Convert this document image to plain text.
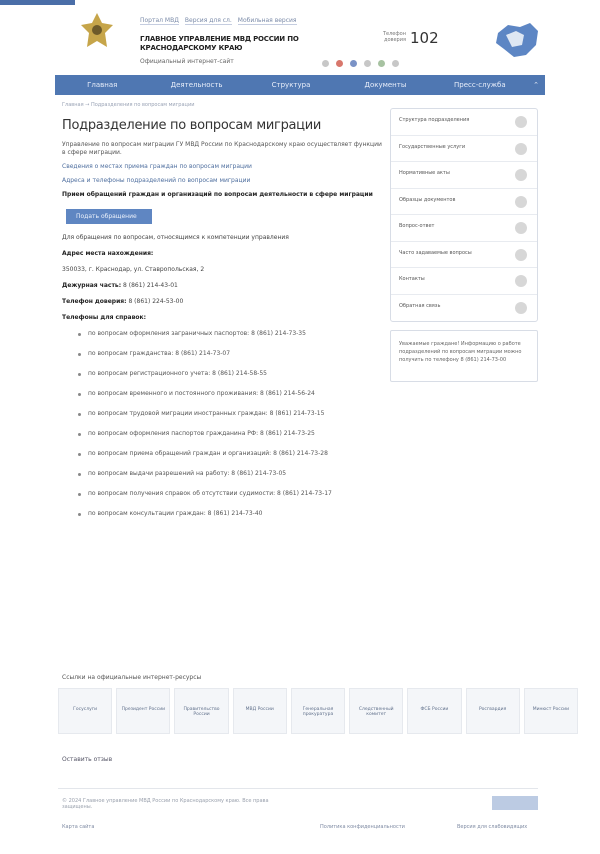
Портал МВД Версия для сл. Мобильная версия
ГЛАВНОЕ УПРАВЛЕНИЕ МВД РОССИИ ПО КРАСНОДАРСКОМУ КРАЮ
Официальный интернет-сайт
Телефон доверия 102
Главная	Деятельность	Структура	Документы	Пресс-служба	⌃
Главная → Подразделения по вопросам миграции
Подразделение по вопросам миграции
Управление по вопросам миграции ГУ МВД России по Краснодарскому краю осуществляет функции в сфере миграции.
Сведения о местах приема граждан по вопросам миграции
Адреса и телефоны подразделений по вопросам миграции
Прием обращений граждан и организаций по вопросам деятельности в сфере миграции
Подать обращение
Для обращения по вопросам, относящимся к компетенции управления
Адрес места нахождения:
350033, г. Краснодар, ул. Ставропольская, 2
Дежурная часть: 8 (861) 214-43-01
Телефон доверия: 8 (861) 224-53-00
Телефоны для справок:
по вопросам оформления заграничных паспортов: 8 (861) 214-73-35
по вопросам гражданства: 8 (861) 214-73-07
по вопросам регистрационного учета: 8 (861) 214-58-55
по вопросам временного и постоянного проживания: 8 (861) 214-56-24
по вопросам трудовой миграции иностранных граждан: 8 (861) 214-73-15
по вопросам оформления паспортов гражданина РФ: 8 (861) 214-73-25
по вопросам приема обращений граждан и организаций: 8 (861) 214-73-28
по вопросам выдачи разрешений на работу: 8 (861) 214-73-05
по вопросам получения справок об отсутствии судимости: 8 (861) 214-73-17
по вопросам консультации граждан: 8 (861) 214-73-40
Структура подразделения
Государственные услуги
Нормативные акты
Образцы документов
Вопрос-ответ
Часто задаваемые вопросы
Контакты
Обратная связь
Уважаемые граждане! Информацию о работе подразделений по вопросам миграции можно получить по телефону 8 (861) 214-73-00
Ссылки на официальные интернет-ресурсы
Госуслуги	Президент России	Правительство России
МВД России	Генеральная прокуратура
Следственный комитет
ФСБ России	Росгвардия	Минюст России
Оставить отзыв
© 2024 Главное управление МВД России по Краснодарскому краю. Все права защищены.
Карта сайта	Политика конфиденциальности	Версия для слабовидящих
